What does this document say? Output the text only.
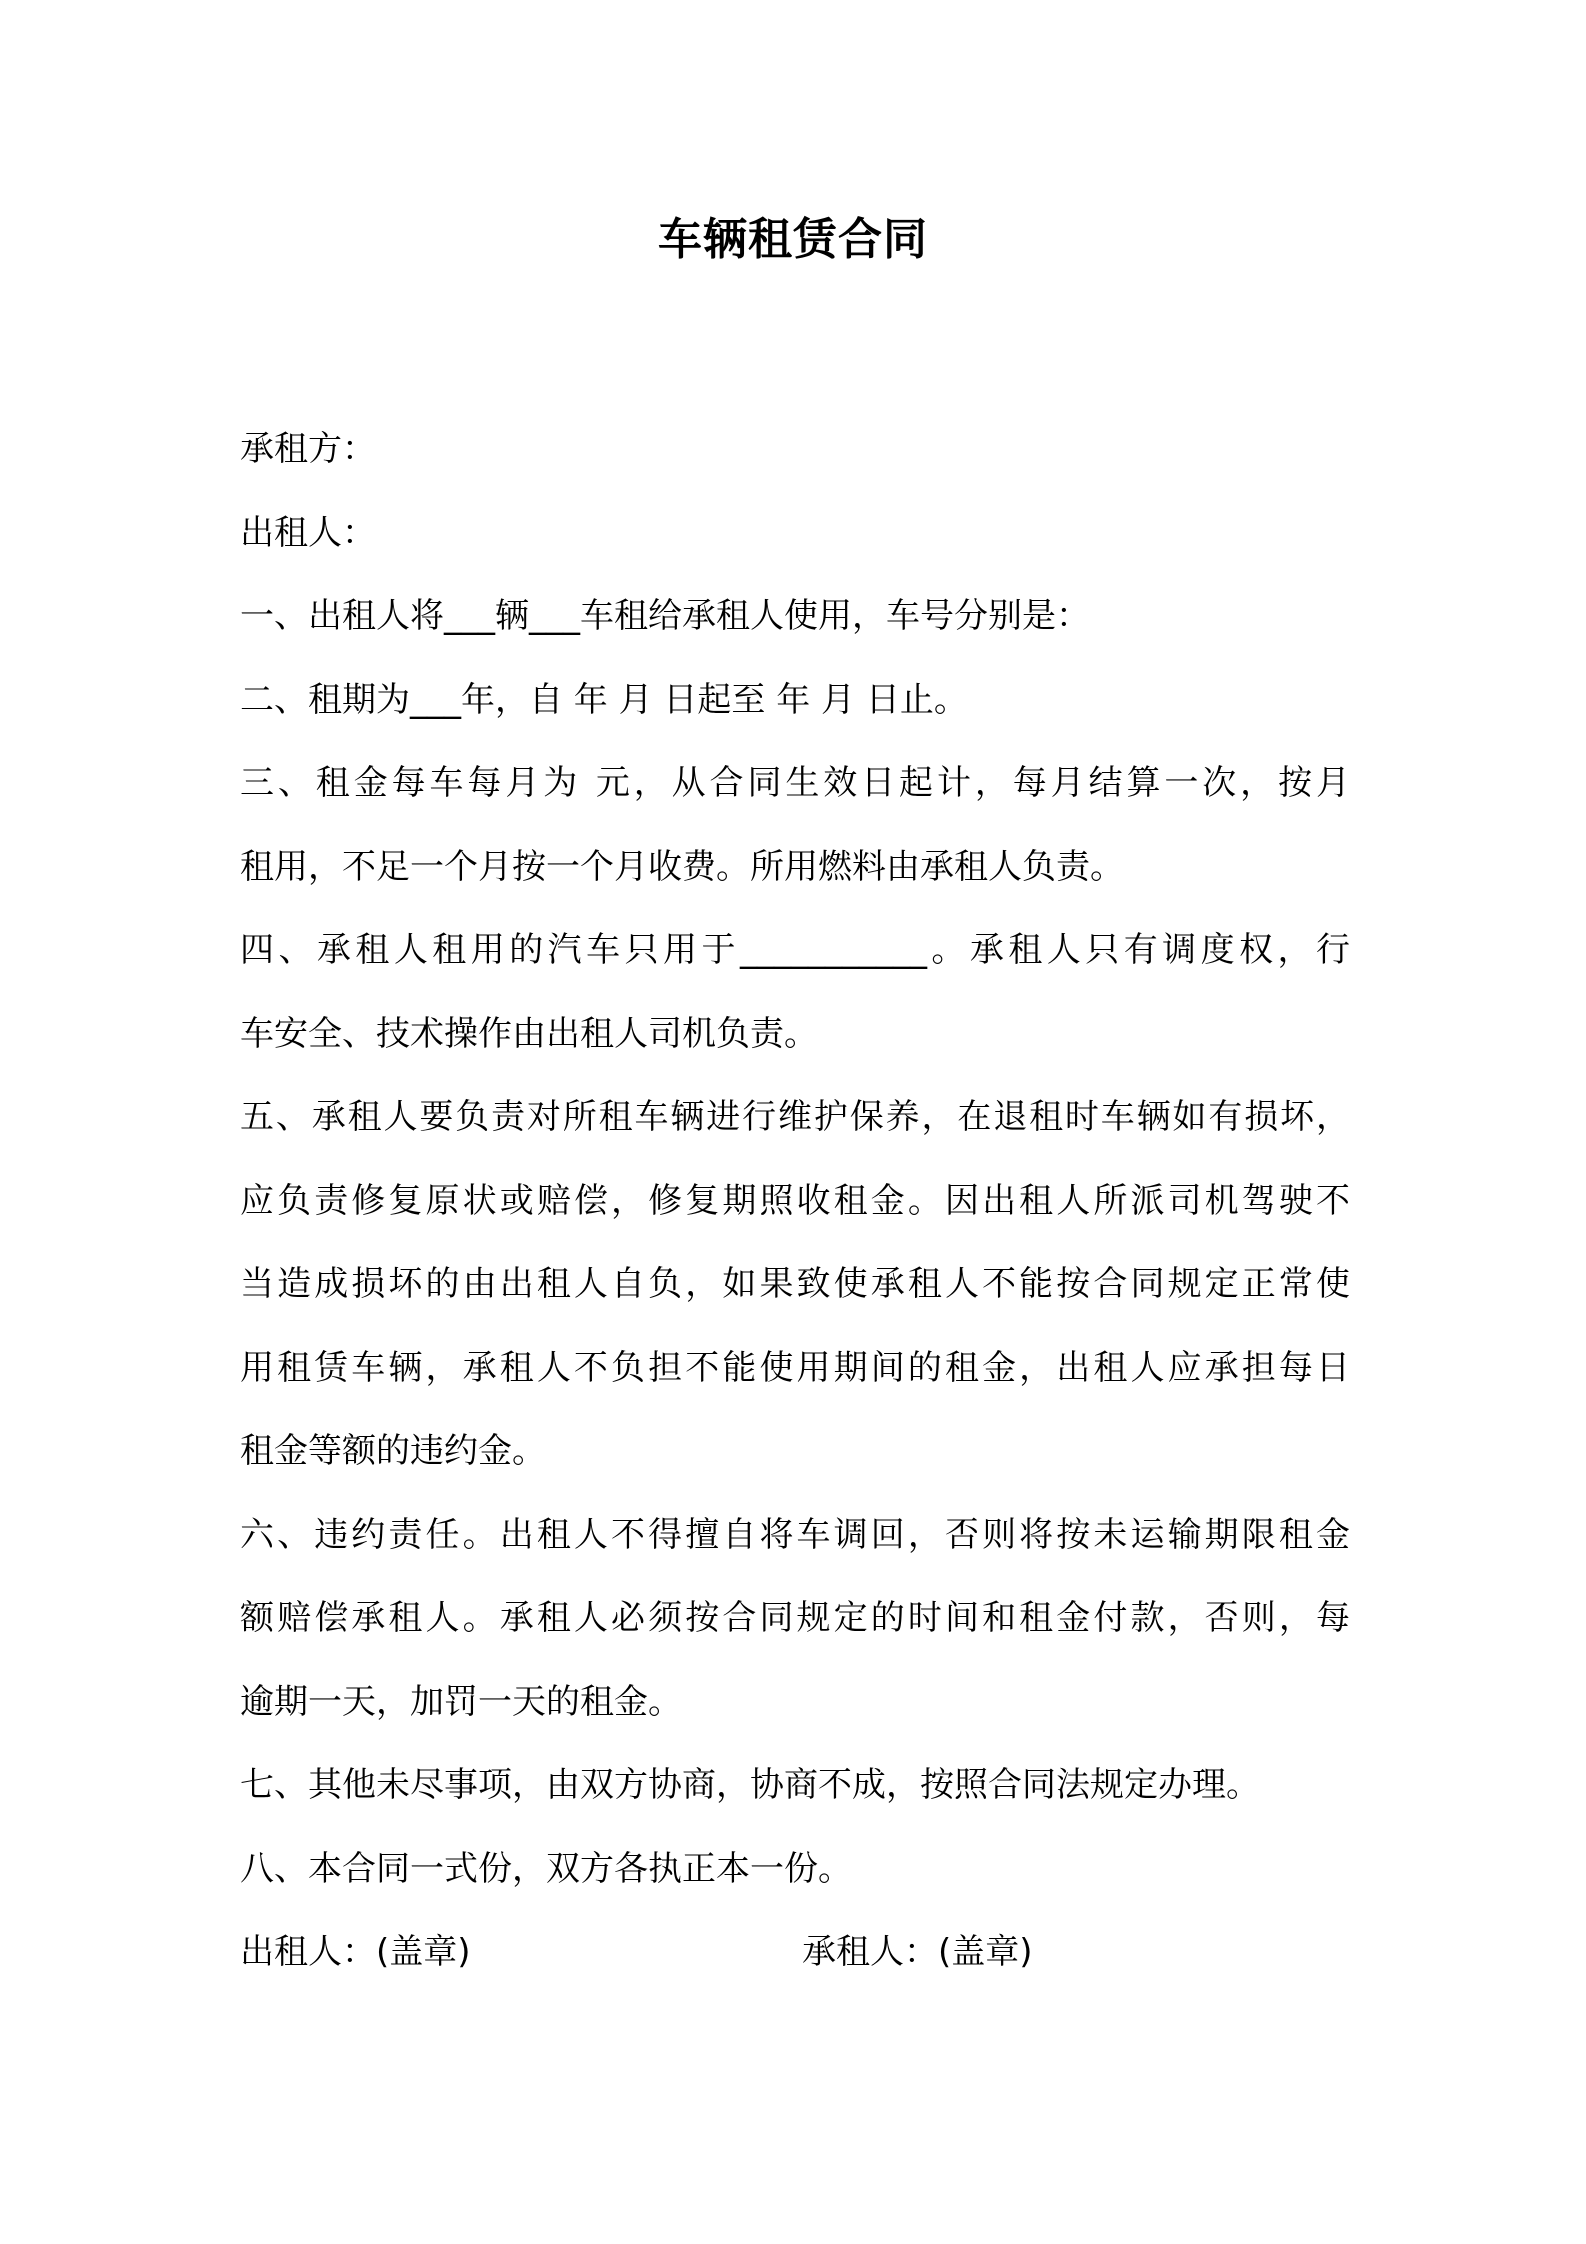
车辆租赁合同
承租方：
出租人：
一、出租人将___辆___车租给承租人使用，车号分别是：
二、租期为___年，自 年 月 日起至 年 月 日止。
三、租金每车每月为 元，从合同生效日起计，每月结算一次，按月
租用，不足一个月按一个月收费。所用燃料由承租人负责。
四、承租人租用的汽车只用于___________。承租人只有调度权，行
车安全、技术操作由出租人司机负责。
五、承租人要负责对所租车辆进行维护保养，在退租时车辆如有损坏，
应负责修复原状或赔偿，修复期照收租金。因出租人所派司机驾驶不
当造成损坏的由出租人自负，如果致使承租人不能按合同规定正常使
用租赁车辆，承租人不负担不能使用期间的租金，出租人应承担每日
租金等额的违约金。
六、违约责任。出租人不得擅自将车调回，否则将按未运输期限租金
额赔偿承租人。承租人必须按合同规定的时间和租金付款，否则，每
逾期一天，加罚一天的租金。
七、其他未尽事项，由双方协商，协商不成，按照合同法规定办理。
八、本合同一式份，双方各执正本一份。
出租人：(盖章)	承租人：(盖章)
